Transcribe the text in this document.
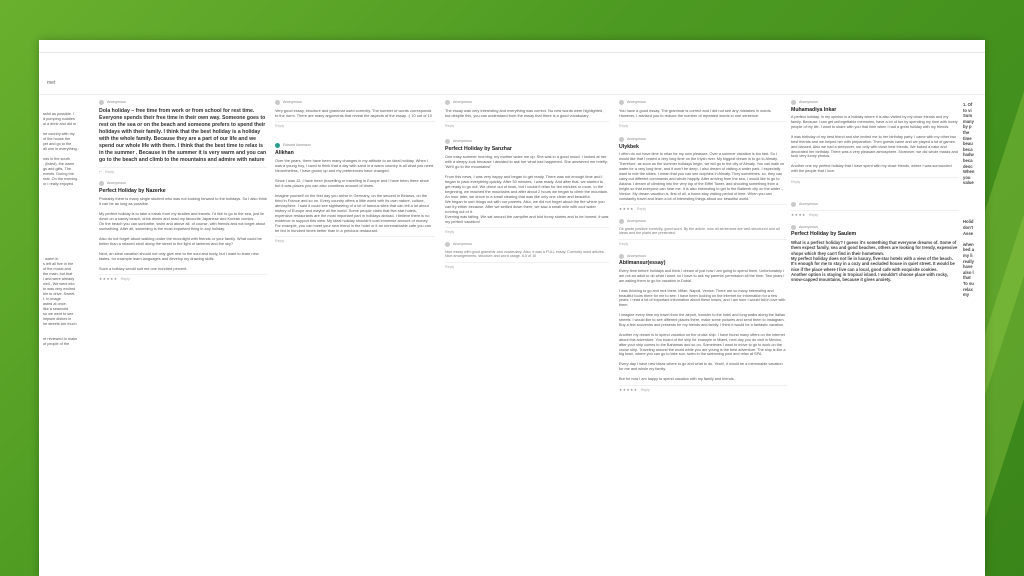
met
ssful as possible. I
d pumping cuddles
al a drink and did m

he country with my
of the house the
yet and go to the
all one in everything..

nds in the south
, (listed), the warm
gs and gifts. The
events. During the
reat. On the evening
or I really enjoyed

. warm in
s left all five in the
of the music and
the main, but that
I and were already
well.. We went into
to was very excited
ble to drive. Sweet.
t. In image
asted at once.
like a seaworld
so we went to see
impsee dishes in
he streets are much

re reviewed to make
of people of the
Anonymous
Dola holiday – free time from work or from school for rest time. Everyone spends their free time in their own way. Someone goes to rest on the sea or on the beach and someone prefers to spend their holidays with their family. I think that the best holiday is a holiday with the whole family. Because they are a part of our life and we spend our whole life with them. I think that the best time to relax is in the summer . Because in the summer it is very warm and you can go to the beach and climb to the mountains and admire with nature
↩ Reply
Anonymous
Perfect Holiday by Nazerke
Probably there is many single student who was not looking forward to the holidays. So I also think it can be as long as possible.

My perfect holiday is to take a break from my studies and travels. I'd like to go to the sea, just lie down on a sandy beach, drink drinks and read my favourite Japanese and Korean comics.
On the beach you can sunbathe, swim and above all, of course, with friends and not forget about sunbathing. After all, swimming is the most important thing in any holiday.

Also do not forget about walking under the moonlight with friends or your family. What could be better than a relaxed stroll along the street in the light of lanterns and the sky?

Next, an ideal vacation should not only give rest to the soul and body, but I want to learn new tastes, for example learn languages and develop my drawing skills.

Such a holiday would suit me one hundred percent.
★★★★★ Reply
Anonymous
Very good essay, structure and grammar used correctly. The number of words corresponds to the norm. There are many arguments that reveal the aspects of the essay. :) 10 out of 10
Reply
Edward Assessor
Alikhan
Over the years, there have been many changes in my attitude to an ideal holiday. When I was a young boy, I used to think that a day with sand in a warm country is all what you need. Nevertheless, I have grown up and my preferences have changed.

Since I was 12, I have been (travelling or travelling in Europe and I have been there since but it was places you can also countless amount of times.

Imagine yourself on the first day you arrive in Germany, on the second in Belarus, on the third in France and so on. Every country offers a little world with its own nature, culture, atmosphere. I said it could see sightseeing of a lot of famous sites that can tell a lot about history of Europe and maybe all the world. Some people claim that five-star hotels, expensive restaurants are the most important part in holidays abroad. I believe there is no evidence to support this view. My ideal holiday shouldn't cost immense amount of money. For example, you can meet your new friend in the hotel or it an unremarkable cafe you can be fed in hundred times better than in a precious restaurant.
Reply
Anonymous
The essay was very interesting and everything was correct. No new words were highlighted , but despite this, you can understand from the essay that there is a good vocabulary
Reply
Anonymous
Perfect Holiday by Sanzhar
One easy summer morning, my mother woke me up. She was in a good mood. I looked at her with a sleepy look because I decided to ask her what had happened. She answered me briefly: 'We'll go to the mountains!'

From this news, I was very happy and began to get ready. There was not enough time and I began to pack everything quickly. After 30 minutes, I was ready. And after that, we started to get ready to go out. We drove out of town, but I couldn't relax for ten minutes or more. In the beginning, we reached the mountains and after about 2 hours we began to climb the mountain. An hour later, we drove to a small clearing that was like only one clean and beautiful.
We began to sort things out with our parents. Also, we did not forget about the fire where you can fry either because. After we settled down there, we saw a small mile with cool water running out of it.
Evening was falling. We sat around the campfire and told funny stories and to be honest, it was my perfect vacation!
Reply
Anonymous
Nice essay with good grammar and vocabulary. Also, it was a FULL essay. Correctly used articles. Nice arrangements, structure and word usage. 8.5 of 10
Reply
Anonymous
You have a good essay. The grammar is correct and I did not see any mistakes in words. However, I advised you to reduce the number of repeated words in one sentence.
Reply
Anonymous
Ulykbek
I often do not have time to relax for my own pleasure. Over a summer vacation is too fast. So I would like that I rested a very long time on the Irtysh river. My biggest dream is to go to Almaty. Therefore, as soon as the summer holidays begin, we will go to the city of Almaty. You can walk on water for a very long time, and it won't be deep. I also dream of visiting a water park. I especially want to ride the slides. I mean that you can see dolphins in Almaty. They sometimes. so, they can carry out different commands and whole happily. After arriving from the sea, I would like to go to Astana. I dream of climbing into the very top of the Eiffel Tower, and shouting something from a height so that everyone can hear me. It is also interesting to get to the Baiterek city on the water – Venice. My dream vacation is, first of all, a home-stay visiting period of time. When you can constantly travel and learn a lot of interesting things about our beautiful world.
★★★★ Reply
Anonymous
Ok grade positive correctly, good word. By the article, now all sentences are well-structured and all ideas and the plans are presented.
Reply
Anonymous
Abilmansur(essay)
Every time before holidays and think I dream of just how I am going to spend them. Unfortunately I am not an adult to do what I want, so I have to ask my parents' permission all the time. Two years I am asking them to go for vacation in Dubai.

I was thinking to go and rent there, Milan, Napoli, Venice. There are so many interesting and beautiful tours there for me to see. I have been looking on the internet for information for a few years. I read a lot of important information about these towns, and I am sure I would fall in love with them.

I imagine every time my travel from the airport, transfer to the hotel and long walks along the Italian streets. I would like to see different places there, make some pictures and send them to Instagram. Buy a few souvenirs and presents for my friends and family. I think it would be a fantastic vacation.

Another my dream is to spend vacation on the cruise ship. I have found many offers on the internet about this adventure. You board of the ship for example in Miami, next day you do visit in Mexico, after your ship comes to the Bahamas and so on. Sometimes I want to move to go to work on the cruise ship. Traveling around the world while you are young is the best adventure. The ship is like a big town, where you can go to take sun, swim in the swimming pool and relax at SPA.

Every day I have new ideas where to go and what to do. Yeah!, it would be a memorable vacation for me and whole my family.

But for now I am happy to spend vacation with my family and friends.
★★★★★ Reply
Anonymous
Muhamadiya Inkar
A perfect holiday, in my opinion is a holiday where it is also visited by my close friends and my family. Because I can get unforgettable memories, have a lot of fun by spending my time with lovely people of my life. I want to share with you that time when I had a great holiday with my friends.

It was birthday of my best friend and she invited me to her birthday party. I came with my other two best friends and we helped her with preparation. Then guests came and we played a lot of games and danced. Also we had a sleepover, our only with close best friends. We baked a cake and decorated her birthday. There was a very pleasant atmosphere. Moreover, we did whole masks and took very funny photos.

Another one my perfect holiday that I have spent with my close friends, where I was surrounded with the people that I love.
Reply
Anonymous
★★★★ Reply
Anonymous
Perfect Holiday by Saulem
What is a perfect holiday? I guess it's something that everyone dreams of. Some of them expect family, sea and good beaches, others are looking for trendy, expensive shops which they can't find in their hometown.
My perfect holiday does not lie in luxury, five-star hotels with a view of the beach. It's enough for me to stay in a cozy and secluded house in quiet street. It would be nice if the place where I live can a local, good cafe with exquisite cookies.
Another option is staying in tropical island. I wouldn't choose place with rocky, snow-capped mountains, because it gives anxiety.
1. Of
to vi
Sum
many
by p
the
time
beau
beca
hadw
beca
desc
When
you
value

Holid
don't
Asse

when
bed a
my li
really
have
also l
that
To su
relax
my
